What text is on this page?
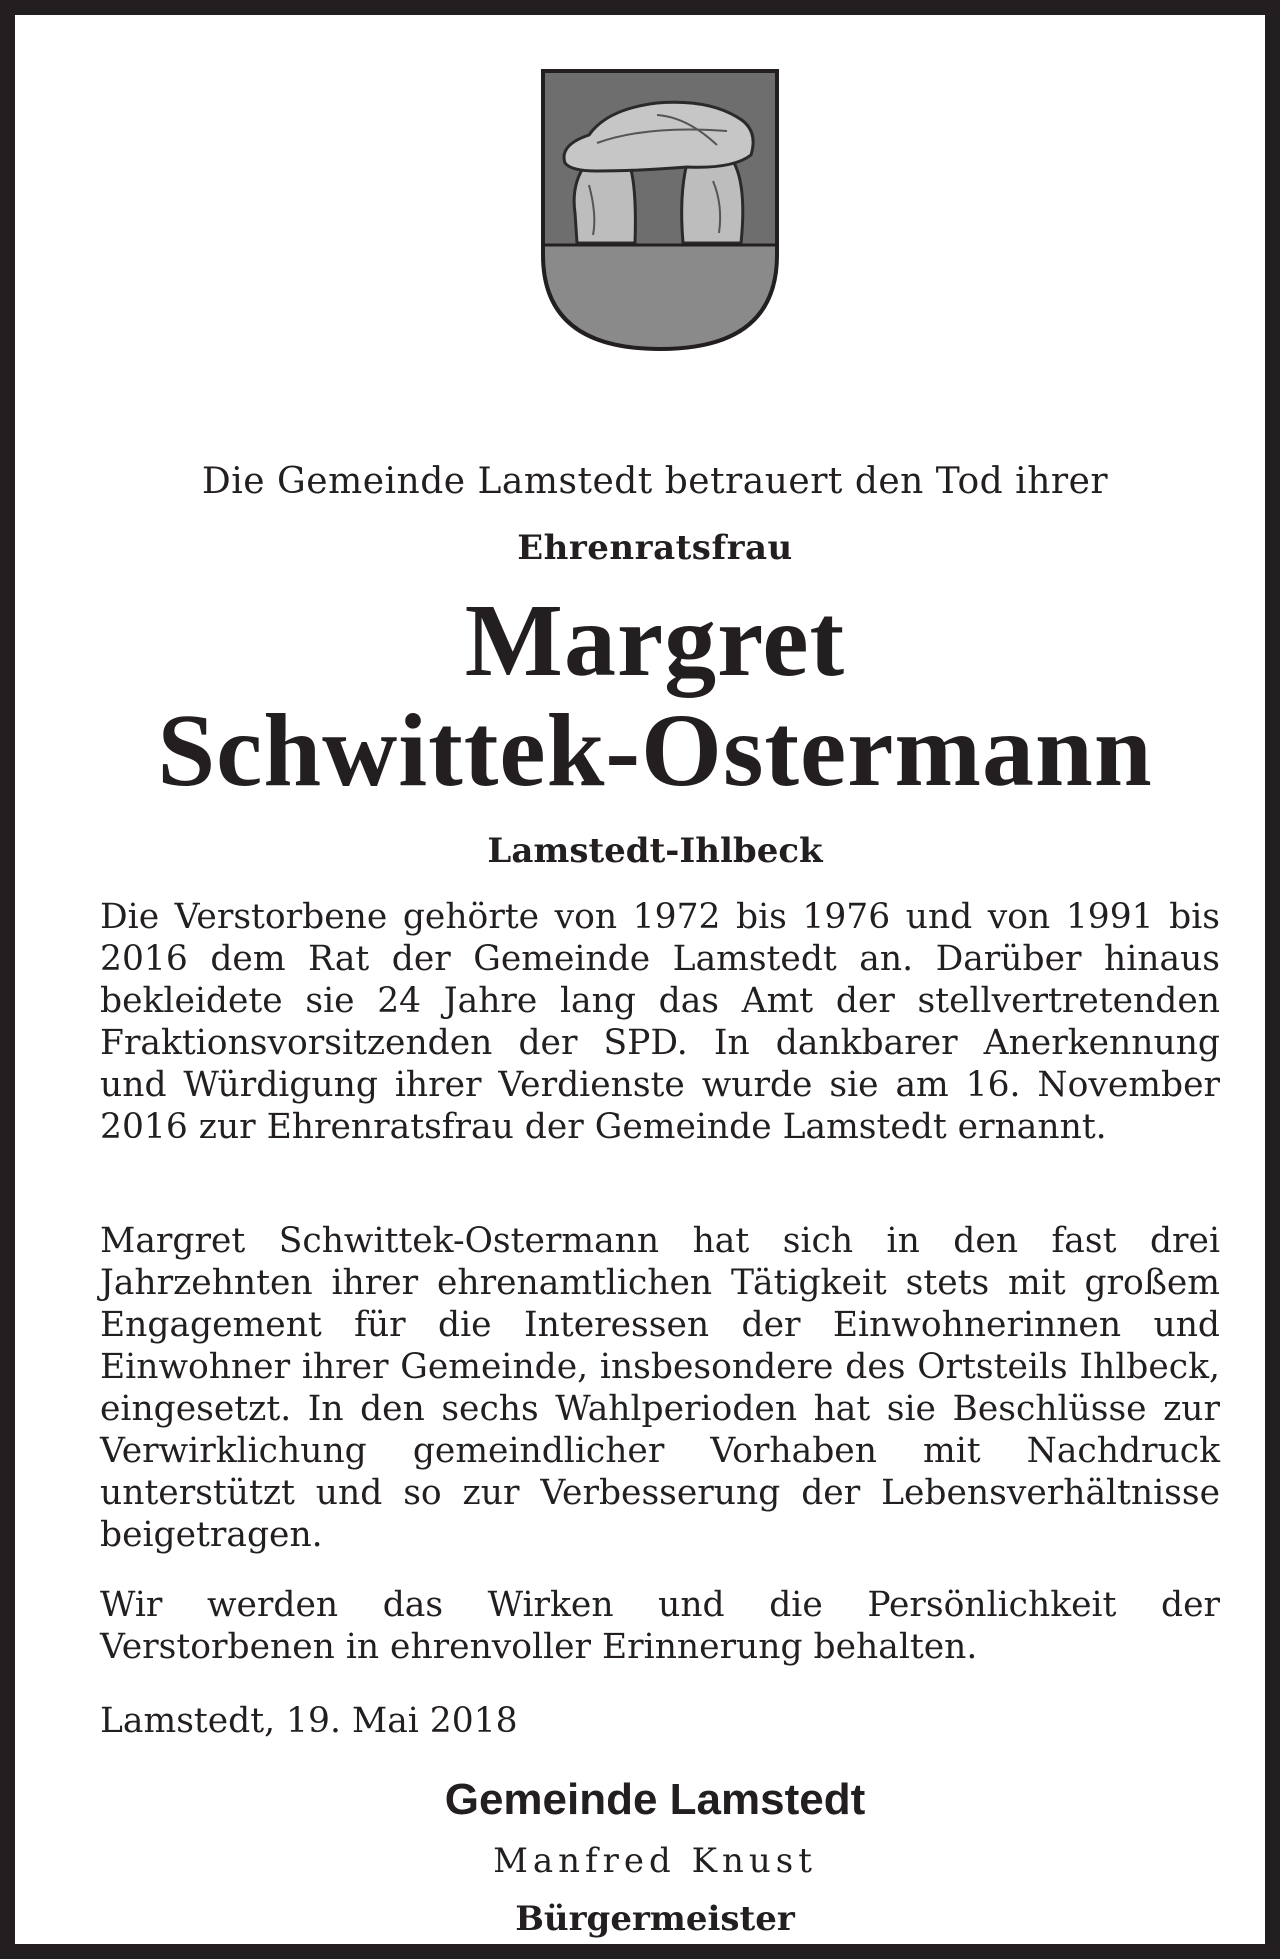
Die Gemeinde Lamstedt betrauert den Tod ihrer

Ehrenratsfrau

Margret

Schwittek-Ostermann

Lamstedt-Ihlbeck

Die Verstorbene gehörte von 1972 bis 1976 und von 1991 bis 2016 dem Rat der Gemeinde Lamstedt an. Darüber hinaus bekleidete sie 24 Jahre lang das Amt der stellvertretenden Fraktionsvorsitzenden der SPD. In dankbarer Anerkennung und Würdigung ihrer Verdienste wurde sie am 16. November 2016 zur Ehrenratsfrau der Gemeinde Lamstedt ernannt.

Margret Schwittek-Ostermann hat sich in den fast drei Jahrzehnten ihrer ehrenamtlichen Tätigkeit stets mit großem Engagement für die Interessen der Einwohnerinnen und Einwohner ihrer Gemeinde, insbesondere des Ortsteils Ihlbeck, eingesetzt. In den sechs Wahlperioden hat sie Beschlüsse zur Verwirklichung gemeindlicher Vorhaben mit Nachdruck unterstützt und so zur Verbesserung der Lebensverhältnisse beigetragen.

Wir werden das Wirken und die Persönlichkeit der Verstorbenen in ehrenvoller Erinnerung behalten.

Lamstedt, 19. Mai 2018

Gemeinde Lamstedt

Manfred Knust

Bürgermeister
